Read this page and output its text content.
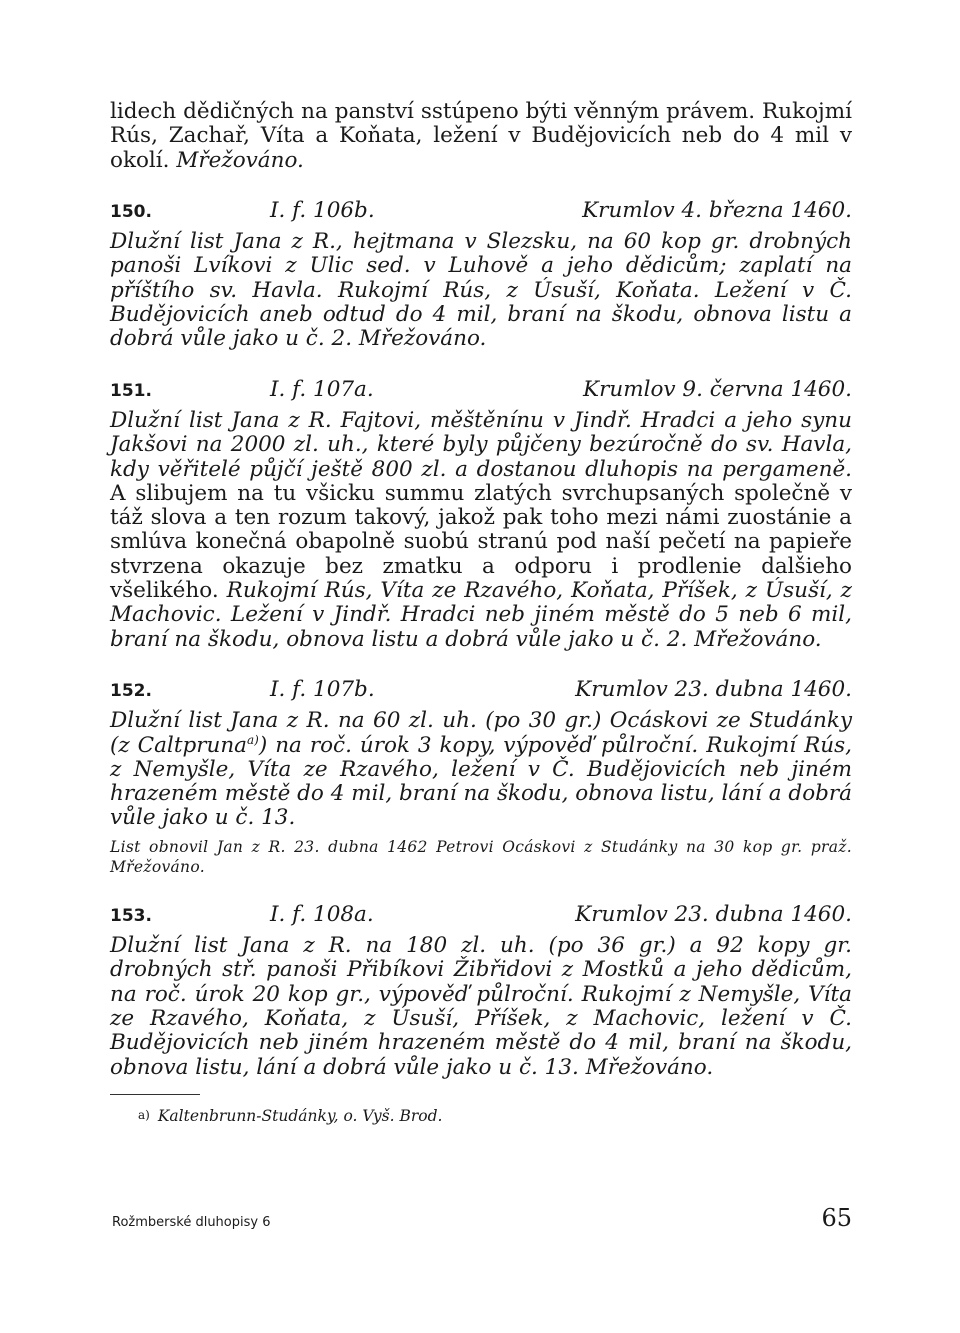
lidech dědičných na panství sstúpeno býti věnným právem. Rukojmí Rús, Zachař, Víta a Koňata, ležení v Budějovicích neb do 4 mil v okolí. Mřežováno.

150.	I. f. 106b.	Krumlov 4. března 1460.

Dlužní list Jana z R., hejtmana v Slezsku, na 60 kop gr. drobných panoši Lvíkovi z Ulic sed. v Luhově a jeho dědicům; zaplatí na příštího sv. Havla. Rukojmí Rús, z Úsuší, Koňata. Ležení v Č. Budějovicích aneb odtud do 4 mil, braní na škodu, obnova listu a dobrá vůle jako u č. 2. Mřežováno.

151.	I. f. 107a.	Krumlov 9. června 1460.

Dlužní list Jana z R. Fajtovi, měštěnínu v Jindř. Hradci a jeho synu Jakšovi na 2000 zl. uh., které byly půjčeny bezúročně do sv. Havla, kdy věřitelé půjčí ještě 800 zl. a dostanou dluhopis na pergameně. A slibujem na tu všicku summu zlatých svrchupsaných společně v táž slova a ten rozum takový, jakož pak toho mezi námi zuostánie a smlúva konečná obapolně suobú stranú pod naší pečetí na papieře stvrzena okazuje bez zmatku a odporu i prodlenie dalšieho všelikého. Rukojmí Rús, Víta ze Rzavého, Koňata, Příšek, z Úsuší, z Machovic. Ležení v Jindř. Hradci neb jiném městě do 5 neb 6 mil, braní na škodu, obnova listu a dobrá vůle jako u č. 2. Mřežováno.

152.	I. f. 107b.	Krumlov 23. dubna 1460.

Dlužní list Jana z R. na 60 zl. uh. (po 30 gr.) Ocáskovi ze Studánky (z Caltpruna$^{a)}$) na roč. úrok 3 kopy, výpověď půlroční. Rukojmí Rús, z Nemyšle, Víta ze Rzavého, ležení v Č. Budějovicích neb jiném hrazeném městě do 4 mil, braní na škodu, obnova listu, lání a dobrá vůle jako u č. 13.

List obnovil Jan z R. 23. dubna 1462 Petrovi Ocáskovi z Studánky na 30 kop gr. praž. Mřežováno.

153.	I. f. 108a.	Krumlov 23. dubna 1460.

Dlužní list Jana z R. na 180 zl. uh. (po 36 gr.) a 92 kopy gr. drobných stř. panoši Přibíkovi Žibřidovi z Mostků a jeho dědicům, na roč. úrok 20 kop gr., výpověď půlroční. Rukojmí z Nemyšle, Víta ze Rzavého, Koňata, z Úsuší, Příšek, z Machovic, ležení v Č. Budějovicích neb jiném hrazeném městě do 4 mil, braní na škodu, obnova listu, lání a dobrá vůle jako u č. 13. Mřežováno.

a) Kaltenbrunn-Studánky, o. Vyš. Brod.

Rožmberské dluhopisy 6	65
